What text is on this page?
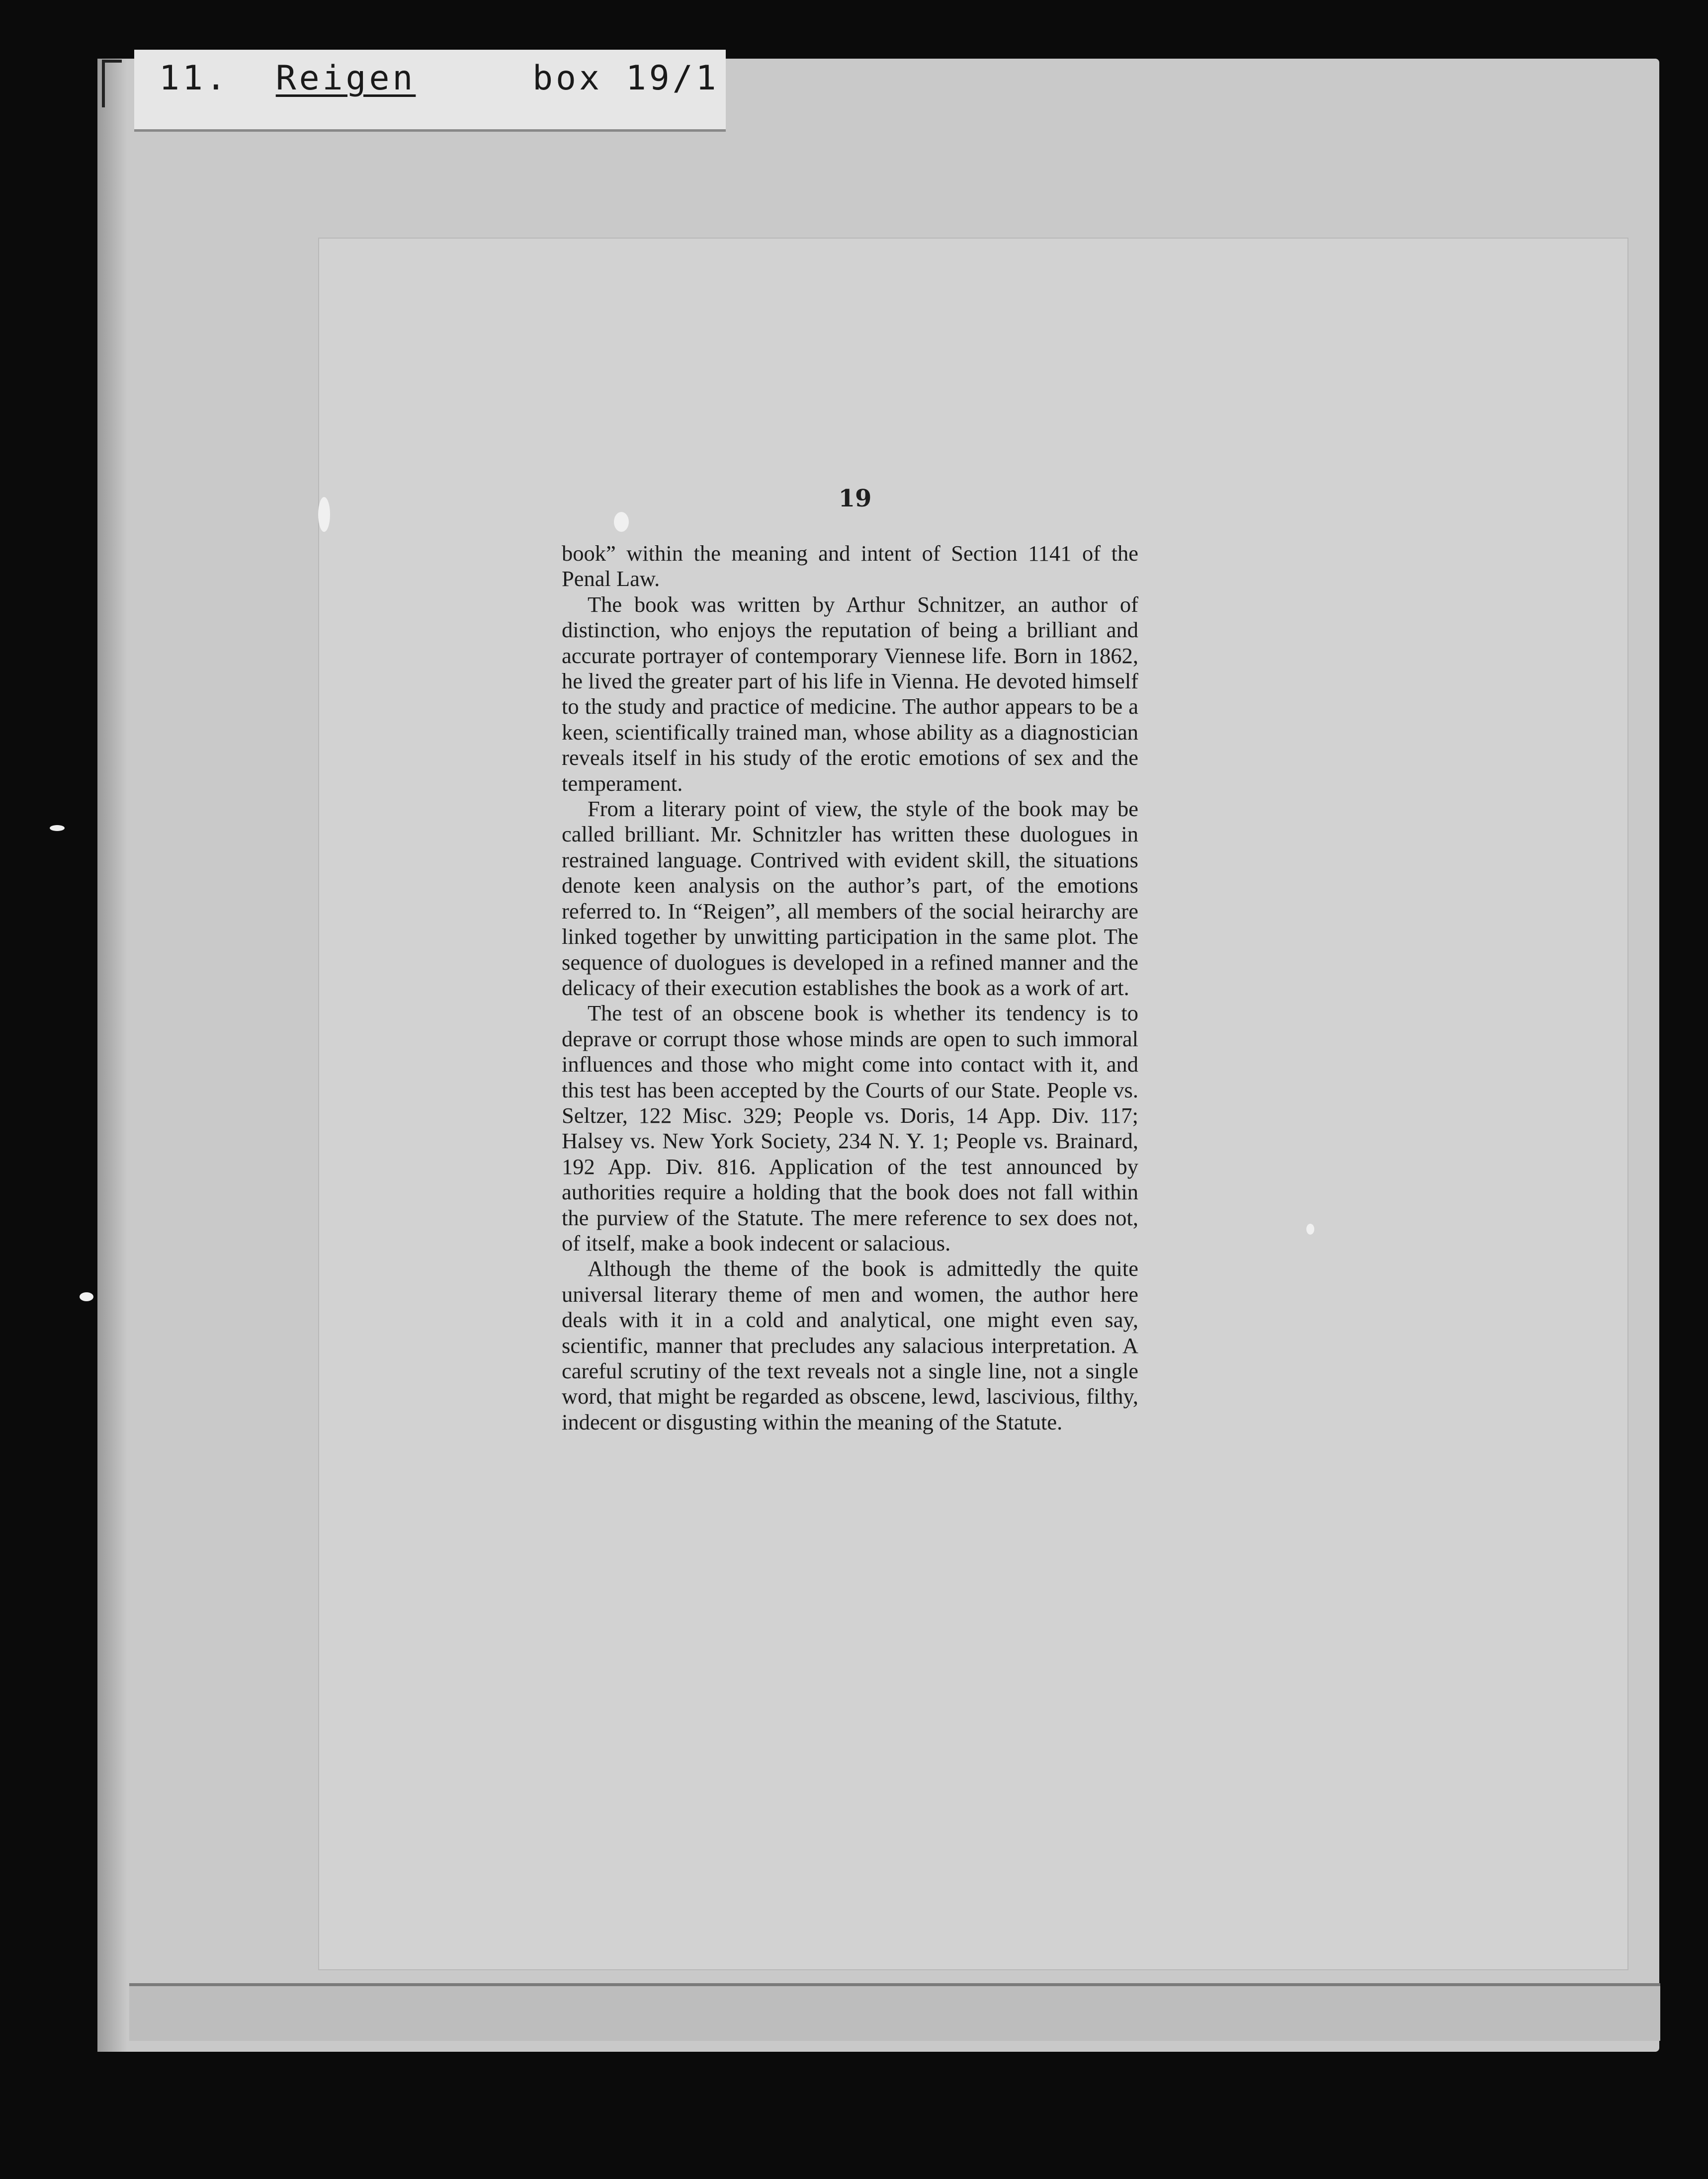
11. Reigen	box 19/1
19

book” within the meaning and intent of Section 1141 of the Penal Law.

The book was written by Arthur Schnitzer, an author of distinction, who enjoys the reputation of being a brilliant and accurate portrayer of contemporary Viennese life. Born in 1862, he lived the greater part of his life in Vienna. He devoted himself to the study and practice of medicine. The author appears to be a keen, scientifically trained man, whose ability as a diagnostician reveals itself in his study of the erotic emotions of sex and the temperament.

From a literary point of view, the style of the book may be called brilliant. Mr. Schnitzler has written these duologues in restrained language. Contrived with evident skill, the situations denote keen analysis on the author’s part, of the emotions referred to. In “Reigen”, all members of the social heirarchy are linked together by unwitting participation in the same plot. The sequence of duologues is developed in a refined manner and the delicacy of their execution establishes the book as a work of art.

The test of an obscene book is whether its tendency is to deprave or corrupt those whose minds are open to such immoral influences and those who might come into contact with it, and this test has been accepted by the Courts of our State. People vs. Seltzer, 122 Misc. 329; People vs. Doris, 14 App. Div. 117; Halsey vs. New York Society, 234 N. Y. 1; People vs. Brainard, 192 App. Div. 816. Application of the test announced by authorities require a holding that the book does not fall within the purview of the Statute. The mere reference to sex does not, of itself, make a book indecent or salacious.

Although the theme of the book is admittedly the quite universal literary theme of men and women, the author here deals with it in a cold and analytical, one might even say, scientific, manner that precludes any salacious interpretation. A careful scrutiny of the text reveals not a single line, not a single word, that might be regarded as obscene, lewd, lascivious, filthy, indecent or disgusting within the meaning of the Statute.
